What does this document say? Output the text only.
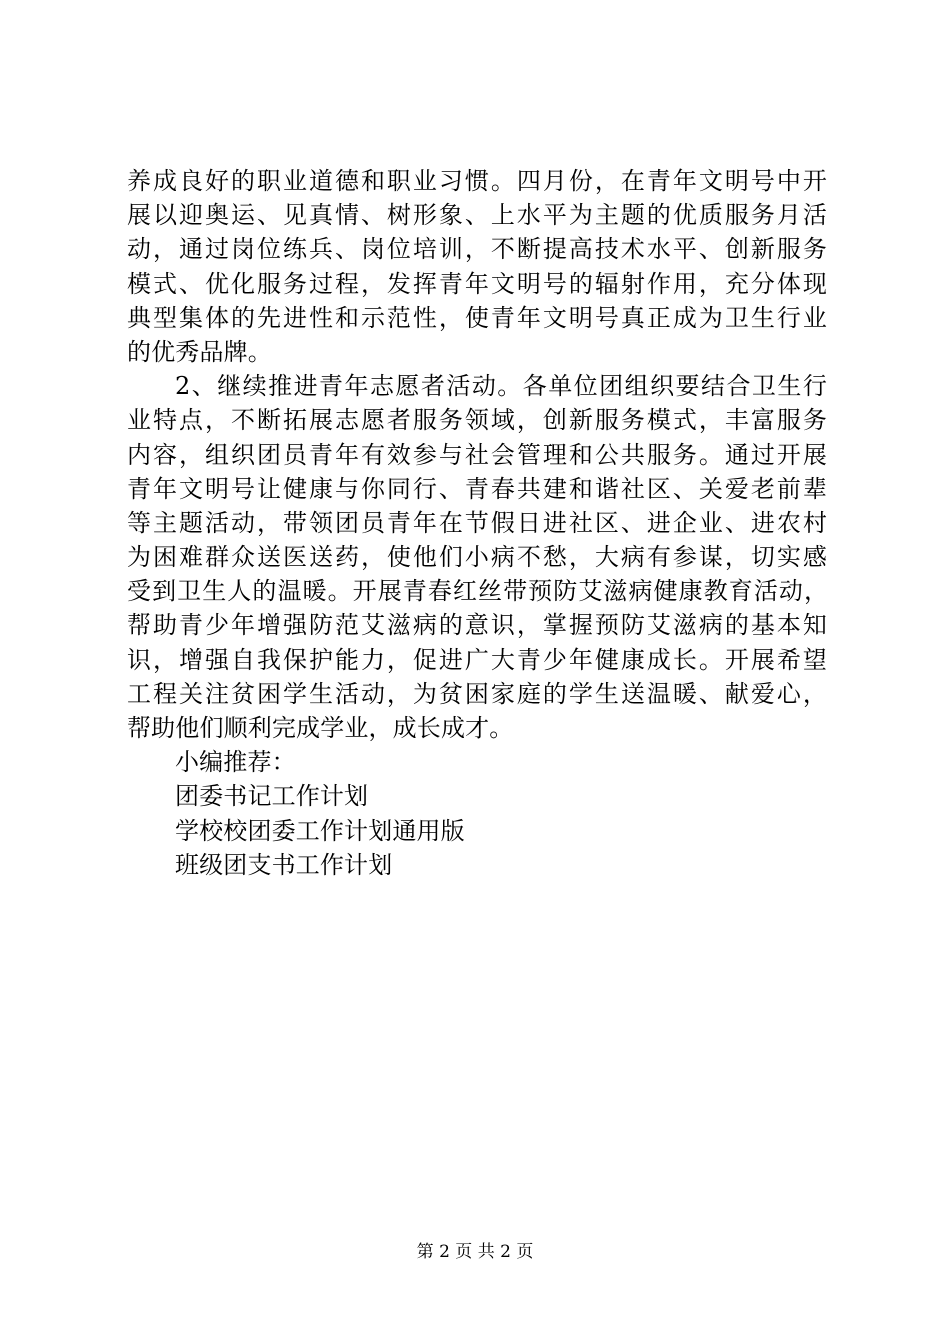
养成良好的职业道德和职业习惯。四月份，在青年文明号中开
展以迎奥运、见真情、树形象、上水平为主题的优质服务月活
动，通过岗位练兵、岗位培训，不断提高技术水平、创新服务
模式、优化服务过程，发挥青年文明号的辐射作用，充分体现
典型集体的先进性和示范性，使青年文明号真正成为卫生行业
的优秀品牌。
2、继续推进青年志愿者活动。各单位团组织要结合卫生行
业特点，不断拓展志愿者服务领域，创新服务模式，丰富服务
内容，组织团员青年有效参与社会管理和公共服务。通过开展
青年文明号让健康与你同行、青春共建和谐社区、关爱老前辈
等主题活动，带领团员青年在节假日进社区、进企业、进农村
为困难群众送医送药，使他们小病不愁，大病有参谋，切实感
受到卫生人的温暖。开展青春红丝带预防艾滋病健康教育活动，
帮助青少年增强防范艾滋病的意识，掌握预防艾滋病的基本知
识，增强自我保护能力，促进广大青少年健康成长。开展希望
工程关注贫困学生活动，为贫困家庭的学生送温暖、献爱心，
帮助他们顺利完成学业，成长成才。
小编推荐：
团委书记工作计划
学校校团委工作计划通用版
班级团支书工作计划
第 2 页 共 2 页
